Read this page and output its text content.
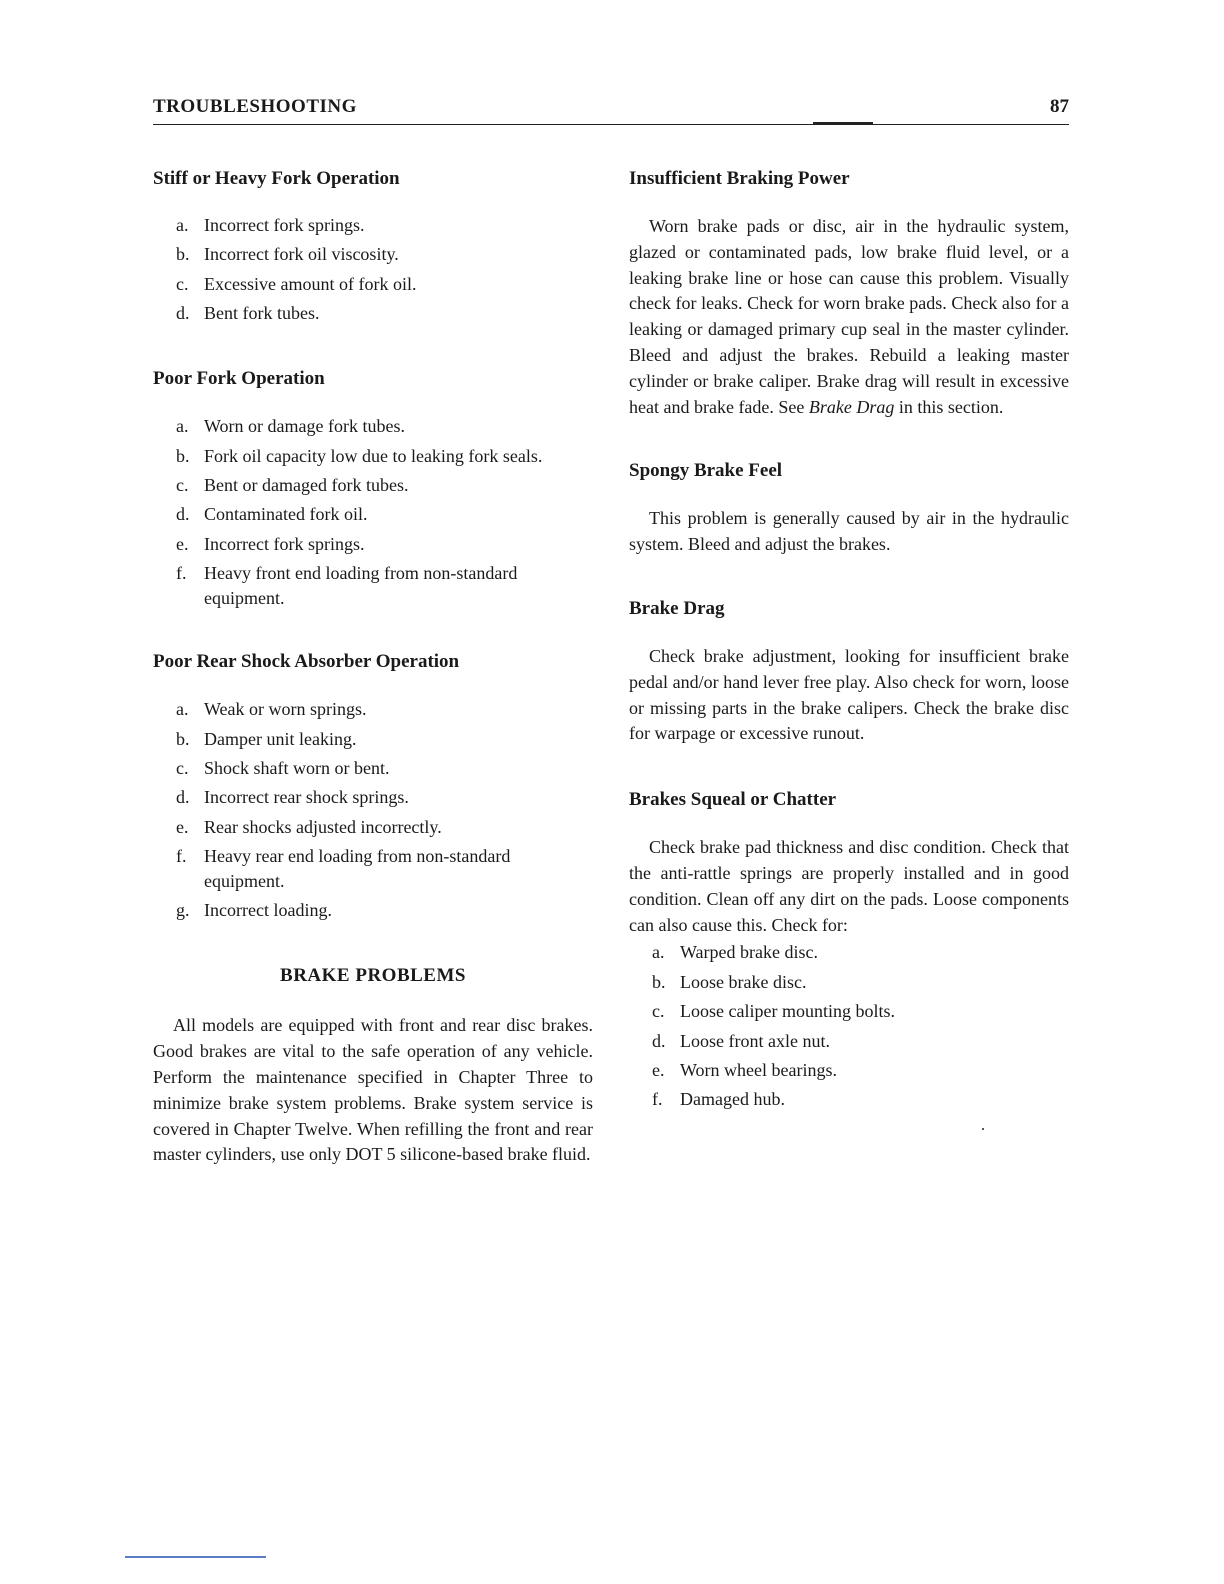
TROUBLESHOOTING	87
Stiff or Heavy Fork Operation
a. Incorrect fork springs.
b. Incorrect fork oil viscosity.
c. Excessive amount of fork oil.
d. Bent fork tubes.
Poor Fork Operation
a. Worn or damage fork tubes.
b. Fork oil capacity low due to leaking fork seals.
c. Bent or damaged fork tubes.
d. Contaminated fork oil.
e. Incorrect fork springs.
f. Heavy front end loading from non-standard equipment.
Poor Rear Shock Absorber Operation
a. Weak or worn springs.
b. Damper unit leaking.
c. Shock shaft worn or bent.
d. Incorrect rear shock springs.
e. Rear shocks adjusted incorrectly.
f. Heavy rear end loading from non-standard equipment.
g. Incorrect loading.
BRAKE PROBLEMS

All models are equipped with front and rear disc brakes. Good brakes are vital to the safe operation of any vehicle. Perform the maintenance specified in Chapter Three to minimize brake system problems. Brake system service is covered in Chapter Twelve. When refilling the front and rear master cylinders, use only DOT 5 silicone-based brake fluid.

Insufficient Braking Power

Worn brake pads or disc, air in the hydraulic system, glazed or contaminated pads, low brake fluid level, or a leaking brake line or hose can cause this problem. Visually check for leaks. Check for worn brake pads. Check also for a leaking or damaged primary cup seal in the master cylinder. Bleed and adjust the brakes. Rebuild a leaking master cylinder or brake caliper. Brake drag will result in excessive heat and brake fade. See Brake Drag in this section.

Spongy Brake Feel

This problem is generally caused by air in the hydraulic system. Bleed and adjust the brakes.

Brake Drag

Check brake adjustment, looking for insufficient brake pedal and/or hand lever free play. Also check for worn, loose or missing parts in the brake calipers. Check the brake disc for warpage or excessive runout.

Brakes Squeal or Chatter

Check brake pad thickness and disc condition. Check that the anti-rattle springs are properly installed and in good condition. Clean off any dirt on the pads. Loose components can also cause this. Check for:

a. Warped brake disc.
b. Loose brake disc.
c. Loose caliper mounting bolts.
d. Loose front axle nut.
e. Worn wheel bearings.
f. Damaged hub.
